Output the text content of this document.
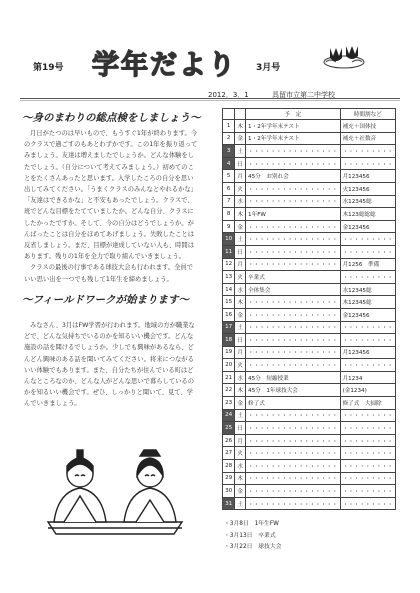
第19号 学年だより 3月号
2012．3．1	具留市立第二中学校
～身のまわりの総点検をしましょう～
月日がたつのは早いもので、もうすぐ1年が終わります。今のクラスで過ごすのもあとわずかです。この1年を振り返ってみましょう。友達は増えましたでしょうか。どんな体験をしたでしょう。（自分について考えてみましょう。）初めてのことをたくさんあったと思います。入学したころの自分を思い出してみてください。「うまくクラスのみんなとやれるかな」「友達はできるかな」と不安もあったでしょう。クラスで、班でどんな目標をたてていましたか。どんな自分、クラスにしたかったですか。そして、今の自分はどうでしょうか。がんばったことは自分をほめてあげましょう。失敗したことは反省しましょう。まだ、目標が達成していない人も、時間はあります。残りの1年を全力で取り組んでいきましょう。
クラスの最後の行事である球技大会も行われます。全員でいい思い出を一つでも残して1年生を締めましょう。
～フィールドワークが始まります～
みなさん、3月はFW学習が行われます。地域の方が職業などで、どんな気持ちでいるのかを知るいい機会です。どんな施設の話を聞けるでしょうか。少しでも興味があるなら、どんどん興味のある話を聞いてみてください。将来につながるいい体験でもあります。また、自分たちが住んでいる町はどんなところなのか、どんな人がどんな思いで暮らしているのかを知るいい機会です。ぜひ、しっかりと聞いて、見て、学んでいきましょう。
		予　定	時間割など
1	木	1・2年学年末テスト	補充＋国体技
2	金	1・2年学年末テスト	補充＋社数音
3	土	・・・・・・・・・・・・・・・・	・・・・・・・・・
4	日	・・・・・・・・・・・・・・・・	・・・・・・・・・
5	月	45分　お別れ会	月123456
6	火	・・・・・・・・・・・・・・・・	火123456
7	水	・・・・・・・・・・・・・・・・	水12345総
8	木	1年FW	木123総総総
9	金	・・・・・・・・・・・・・・・・	金123456
10	土	・・・・・・・・・・・・・・・・	・・・・・・・・・
11	日	・・・・・・・・・・・・・・・・	・・・・・・・・・
12	月	・・・・・・・・・・・・・・・・	月1256　準備
13	火	卒業式	・・・・・・・・・
14	水	全体集会	水12345総
15	木	・・・・・・・・・・・・・・・・	木12345総
16	金	・・・・・・・・・・・・・・・・	金123456
17	土	・・・・・・・・・・・・・・・・	・・・・・・・・・
18	日	・・・・・・・・・・・・・・・・	・・・・・・・・・
19	月	・・・・・・・・・・・・・・・・	月123456
20	火	・・・・・・・・・・・・・・・・	・・・・・・・・・
21	水	45分　短縮授業	月1234
22	木	45分　1年球技大会	(金1234)
23	金	修了式	修了式　大掃除
24	土	・・・・・・・・・・・・・・・・	・・・・・・・・・
25	日	・・・・・・・・・・・・・・・・	・・・・・・・・・
26	月	・・・・・・・・・・・・・・・・	・・・・・・・・・
27	火	・・・・・・・・・・・・・・・・	・・・・・・・・・
28	水	・・・・・・・・・・・・・・・・	・・・・・・・・・
29	木	・・・・・・・・・・・・・・・・	・・・・・・・・・
30	金	・・・・・・・・・・・・・・・・	・・・・・・・・・
31	土	・・・・・・・・・・・・・・・・	・・・・・・・・・
・3月8日　1年生FW
・3月13日　卒業式
・3月22日　球技大会
